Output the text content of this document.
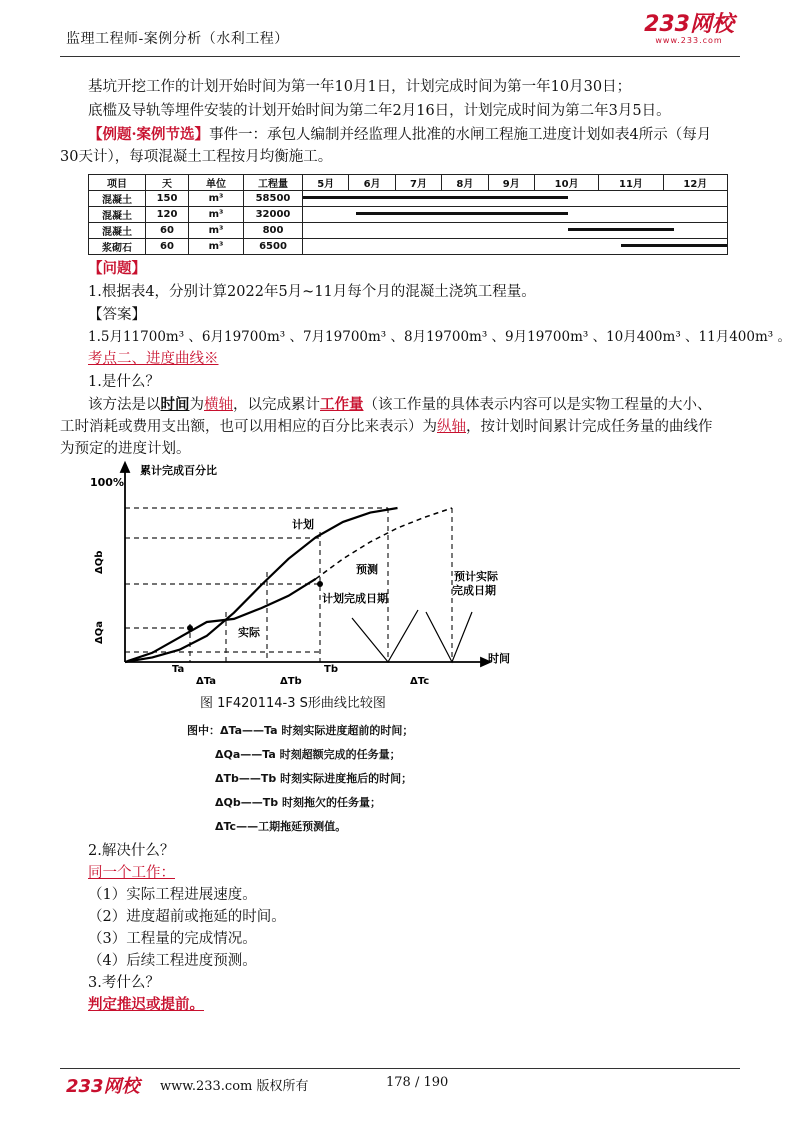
监理工程师-案例分析（水利工程）
233网校
www.233.com
基坑开挖工作的计划开始时间为第一年10月1日，计划完成时间为第一年10月30日；
底槛及导轨等埋件安装的计划开始时间为第二年2月16日，计划完成时间为第二年3月5日。
【例题·案例节选】事件一：承包人编制并经监理人批准的水闸工程施工进度计划如表4所示（每月
30天计），每项混凝土工程按月均衡施工。
项目	天	单位	工程量	5月	6月	7月	8月	9月	10月	11月	12月
混凝土	150	m³	58500								

混凝土	120	m³	32000								

混凝土	60	m³	800								

浆砌石	60	m³	6500								
【问题】
1.根据表4，分别计算2022年5月~11月每个月的混凝土浇筑工程量。
【答案】
1.5月11700m³ 、6月19700m³ 、7月19700m³ 、8月19700m³ 、9月19700m³ 、10月400m³ 、11月400m³ 。
考点二、进度曲线※
1.是什么？
该方法是以时间为横轴，以完成累计工作量（该工作量的具体表示内容可以是实物工程量的大小、
工时消耗或费用支出额，也可以用相应的百分比来表示）为纵轴，按计划时间累计完成任务量的曲线作
为预定的进度计划。
累计完成百分比
100%
时间
计划
预测
实际
计划完成日期
预计实际完成日期
ΔQa
ΔQb
Ta
ΔTa	ΔTb
Tb
ΔTc
图 1F420114-3 S形曲线比较图
图中：ΔTa——Ta 时刻实际进度超前的时间；
ΔQa——Ta 时刻超额完成的任务量；
ΔTb——Tb 时刻实际进度拖后的时间；
ΔQb——Tb 时刻拖欠的任务量；
ΔTc——工期拖延预测值。
2.解决什么？
同一个工作：
（1）实际工程进展速度。
（2）进度超前或拖延的时间。
（3）工程量的完成情况。
（4）后续工程进度预测。
3.考什么？
判定推迟或提前。
233网校 www.233.com 版权所有	178 / 190
